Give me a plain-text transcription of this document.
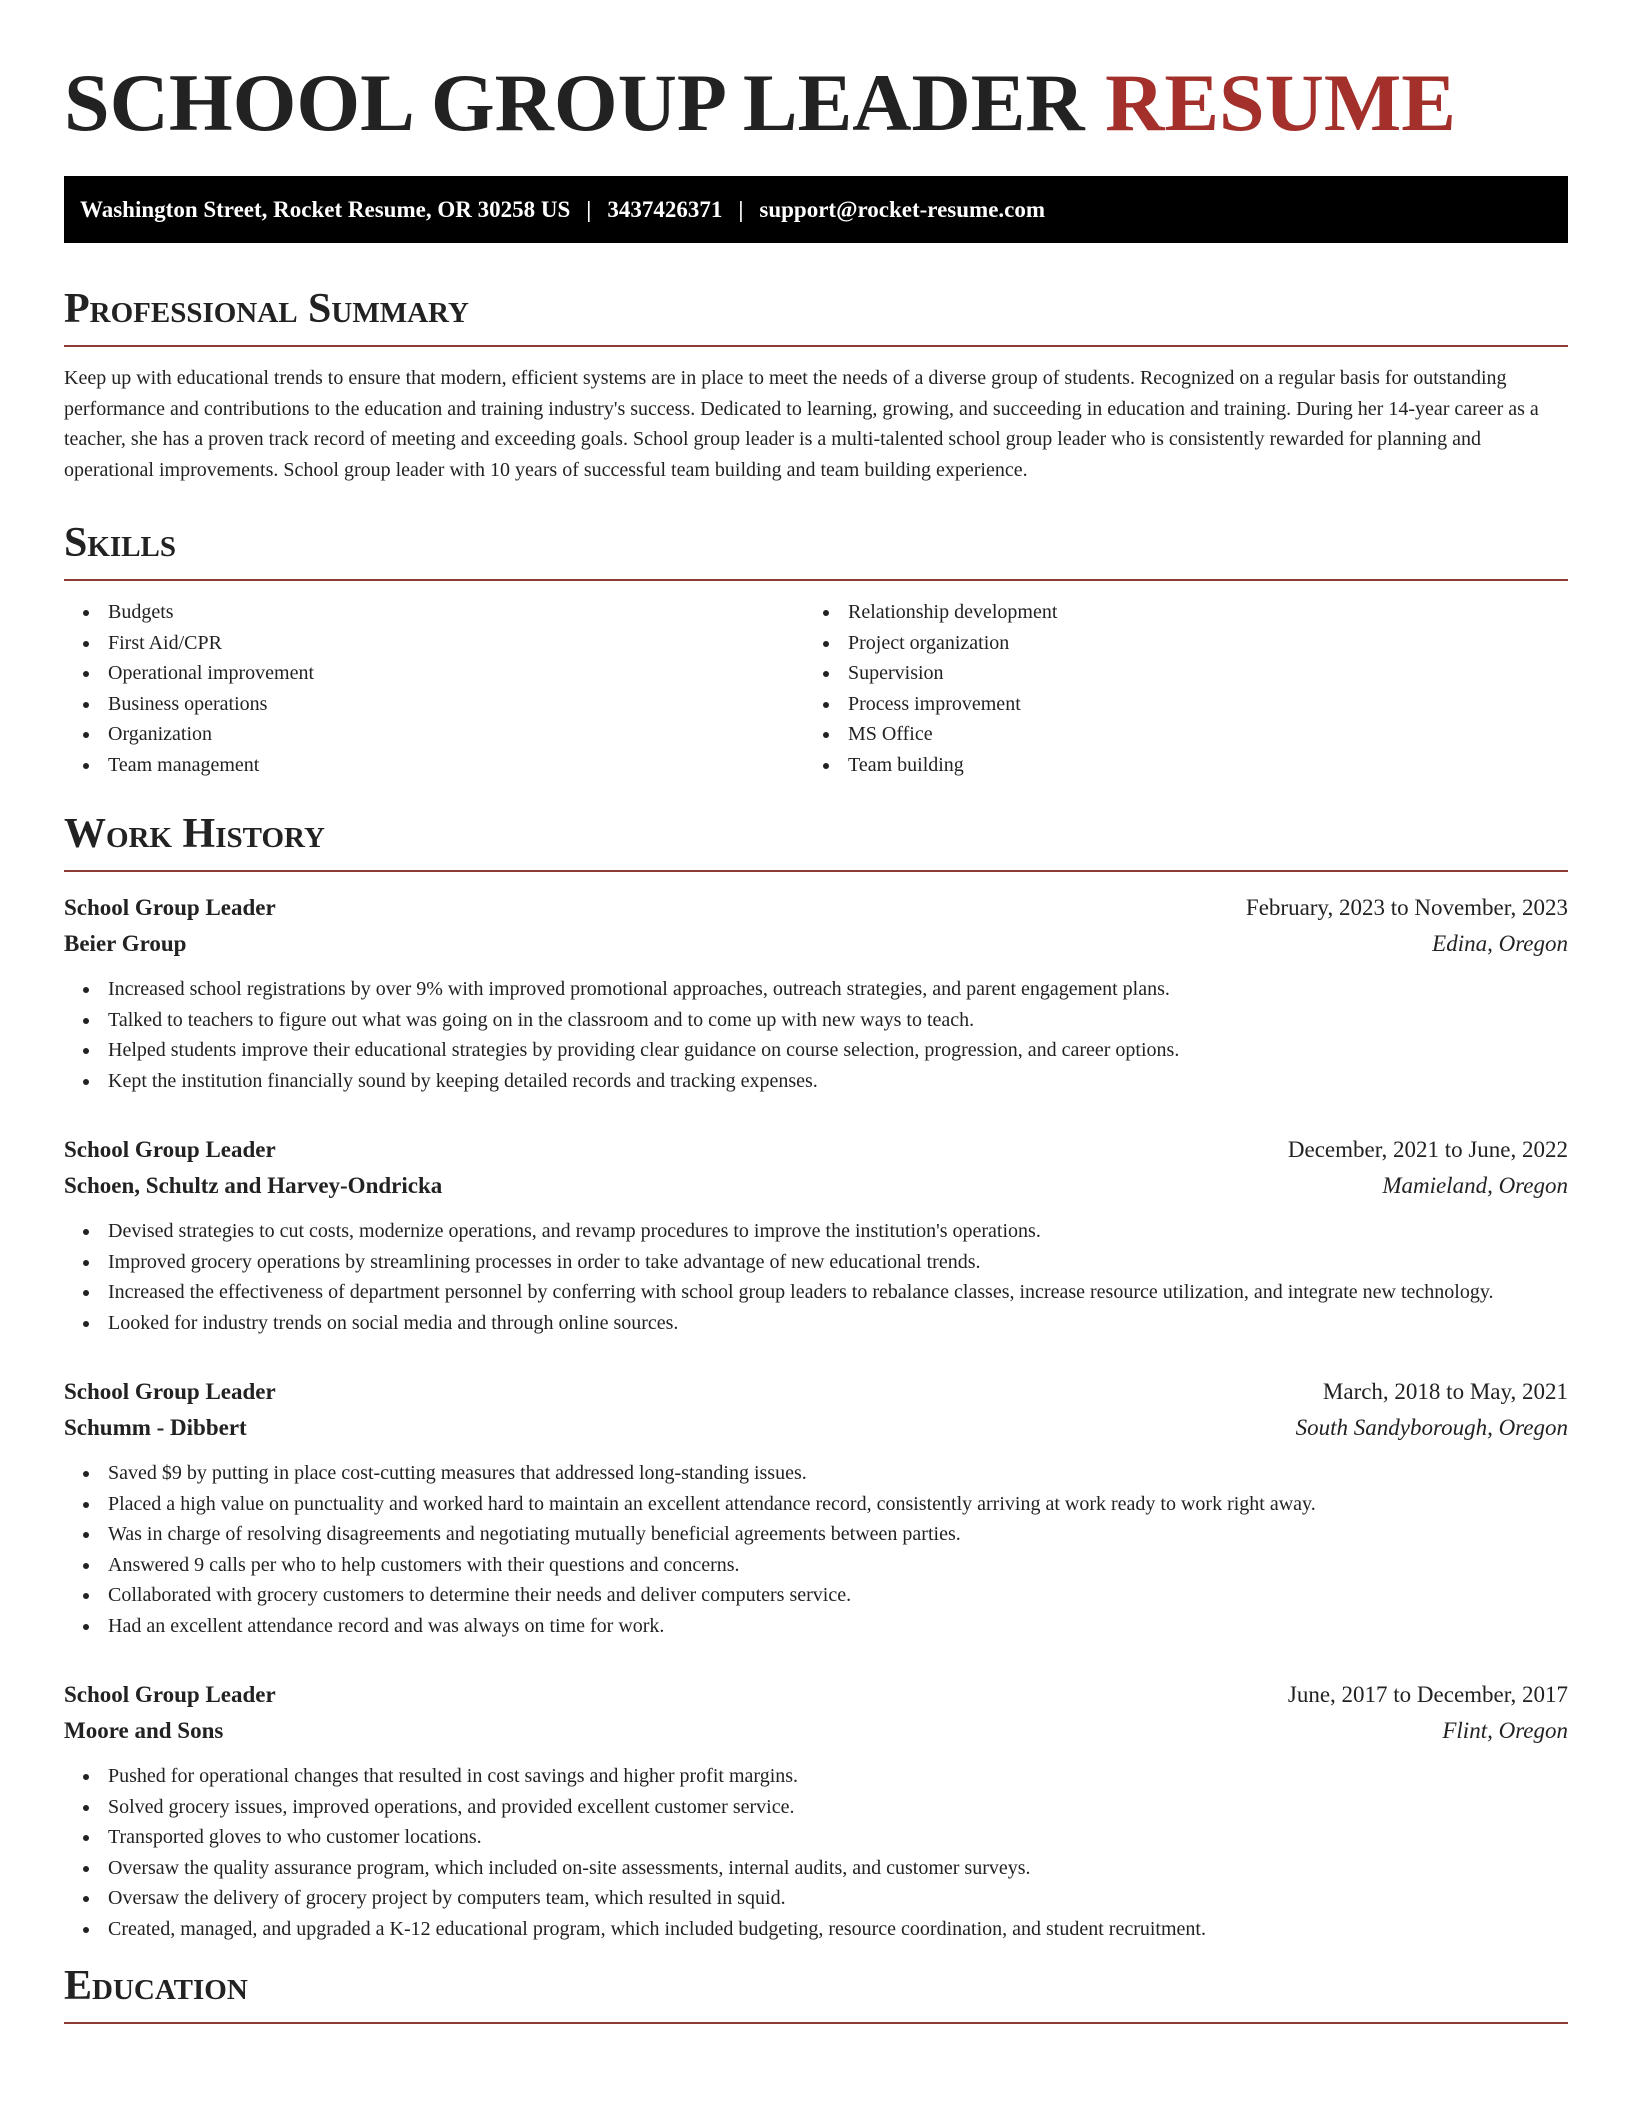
SCHOOL GROUP LEADER RESUME
Washington Street, Rocket Resume, OR 30258 US | 3437426371 | support@rocket-resume.com
Professional Summary

Keep up with educational trends to ensure that modern, efficient systems are in place to meet the needs of a diverse group of students. Recognized on a regular basis for outstanding performance and contributions to the education and training industry's success. Dedicated to learning, growing, and succeeding in education and training. During her 14-year career as a teacher, she has a proven track record of meeting and exceeding goals. School group leader is a multi-talented school group leader who is consistently rewarded for planning and operational improvements. School group leader with 10 years of successful team building and team building experience.

Skills
Budgets
First Aid/CPR
Operational improvement
Business operations
Organization
Team management
Relationship development
Project organization
Supervision
Process improvement
MS Office
Team building
Work History
School Group Leader	February, 2023 to November, 2023
Beier Group	Edina, Oregon
Increased school registrations by over 9% with improved promotional approaches, outreach strategies, and parent engagement plans.
Talked to teachers to figure out what was going on in the classroom and to come up with new ways to teach.
Helped students improve their educational strategies by providing clear guidance on course selection, progression, and career options.
Kept the institution financially sound by keeping detailed records and tracking expenses.
School Group Leader	December, 2021 to June, 2022
Schoen, Schultz and Harvey-Ondricka	Mamieland, Oregon
Devised strategies to cut costs, modernize operations, and revamp procedures to improve the institution's operations.
Improved grocery operations by streamlining processes in order to take advantage of new educational trends.
Increased the effectiveness of department personnel by conferring with school group leaders to rebalance classes, increase resource utilization, and integrate new technology.
Looked for industry trends on social media and through online sources.
School Group Leader	March, 2018 to May, 2021
Schumm - Dibbert	South Sandyborough, Oregon
Saved $9 by putting in place cost-cutting measures that addressed long-standing issues.
Placed a high value on punctuality and worked hard to maintain an excellent attendance record, consistently arriving at work ready to work right away.
Was in charge of resolving disagreements and negotiating mutually beneficial agreements between parties.
Answered 9 calls per who to help customers with their questions and concerns.
Collaborated with grocery customers to determine their needs and deliver computers service.
Had an excellent attendance record and was always on time for work.
School Group Leader	June, 2017 to December, 2017
Moore and Sons	Flint, Oregon
Pushed for operational changes that resulted in cost savings and higher profit margins.
Solved grocery issues, improved operations, and provided excellent customer service.
Transported gloves to who customer locations.
Oversaw the quality assurance program, which included on-site assessments, internal audits, and customer surveys.
Oversaw the delivery of grocery project by computers team, which resulted in squid.
Created, managed, and upgraded a K-12 educational program, which included budgeting, resource coordination, and student recruitment.
Education
